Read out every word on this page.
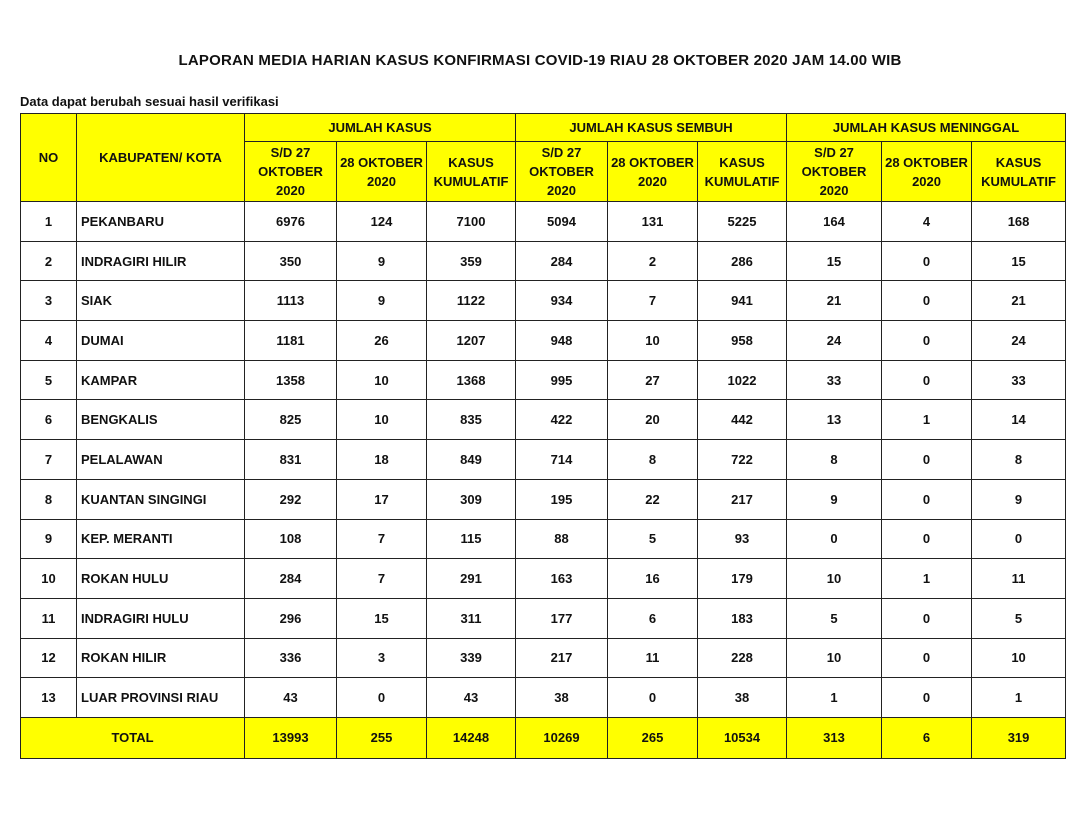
LAPORAN MEDIA HARIAN KASUS KONFIRMASI COVID-19 RIAU 28 OKTOBER 2020 JAM 14.00 WIB
Data dapat berubah sesuai hasil verifikasi
NO	KABUPATEN/ KOTA	JUMLAH KASUS			JUMLAH KASUS SEMBUH			JUMLAH KASUS MENINGGAL		
		S/D 27
OKTOBER
2020	28 OKTOBER
2020	KASUS
KUMULATIF	S/D 27
OKTOBER
2020	28 OKTOBER
2020	KASUS
KUMULATIF	S/D 27
OKTOBER
2020	28 OKTOBER
2020	KASUS
KUMULATIF
1	PEKANBARU	6976	124	7100	5094	131	5225	164	4	168
2	INDRAGIRI HILIR	350	9	359	284	2	286	15	0	15
3	SIAK	1113	9	1122	934	7	941	21	0	21
4	DUMAI	1181	26	1207	948	10	958	24	0	24
5	KAMPAR	1358	10	1368	995	27	1022	33	0	33
6	BENGKALIS	825	10	835	422	20	442	13	1	14
7	PELALAWAN	831	18	849	714	8	722	8	0	8
8	KUANTAN SINGINGI	292	17	309	195	22	217	9	0	9
9	KEP. MERANTI	108	7	115	88	5	93	0	0	0
10	ROKAN HULU	284	7	291	163	16	179	10	1	11
11	INDRAGIRI HULU	296	15	311	177	6	183	5	0	5
12	ROKAN HILIR	336	3	339	217	11	228	10	0	10
13	LUAR PROVINSI RIAU	43	0	43	38	0	38	1	0	1
TOTAL		13993	255	14248	10269	265	10534	313	6	319
